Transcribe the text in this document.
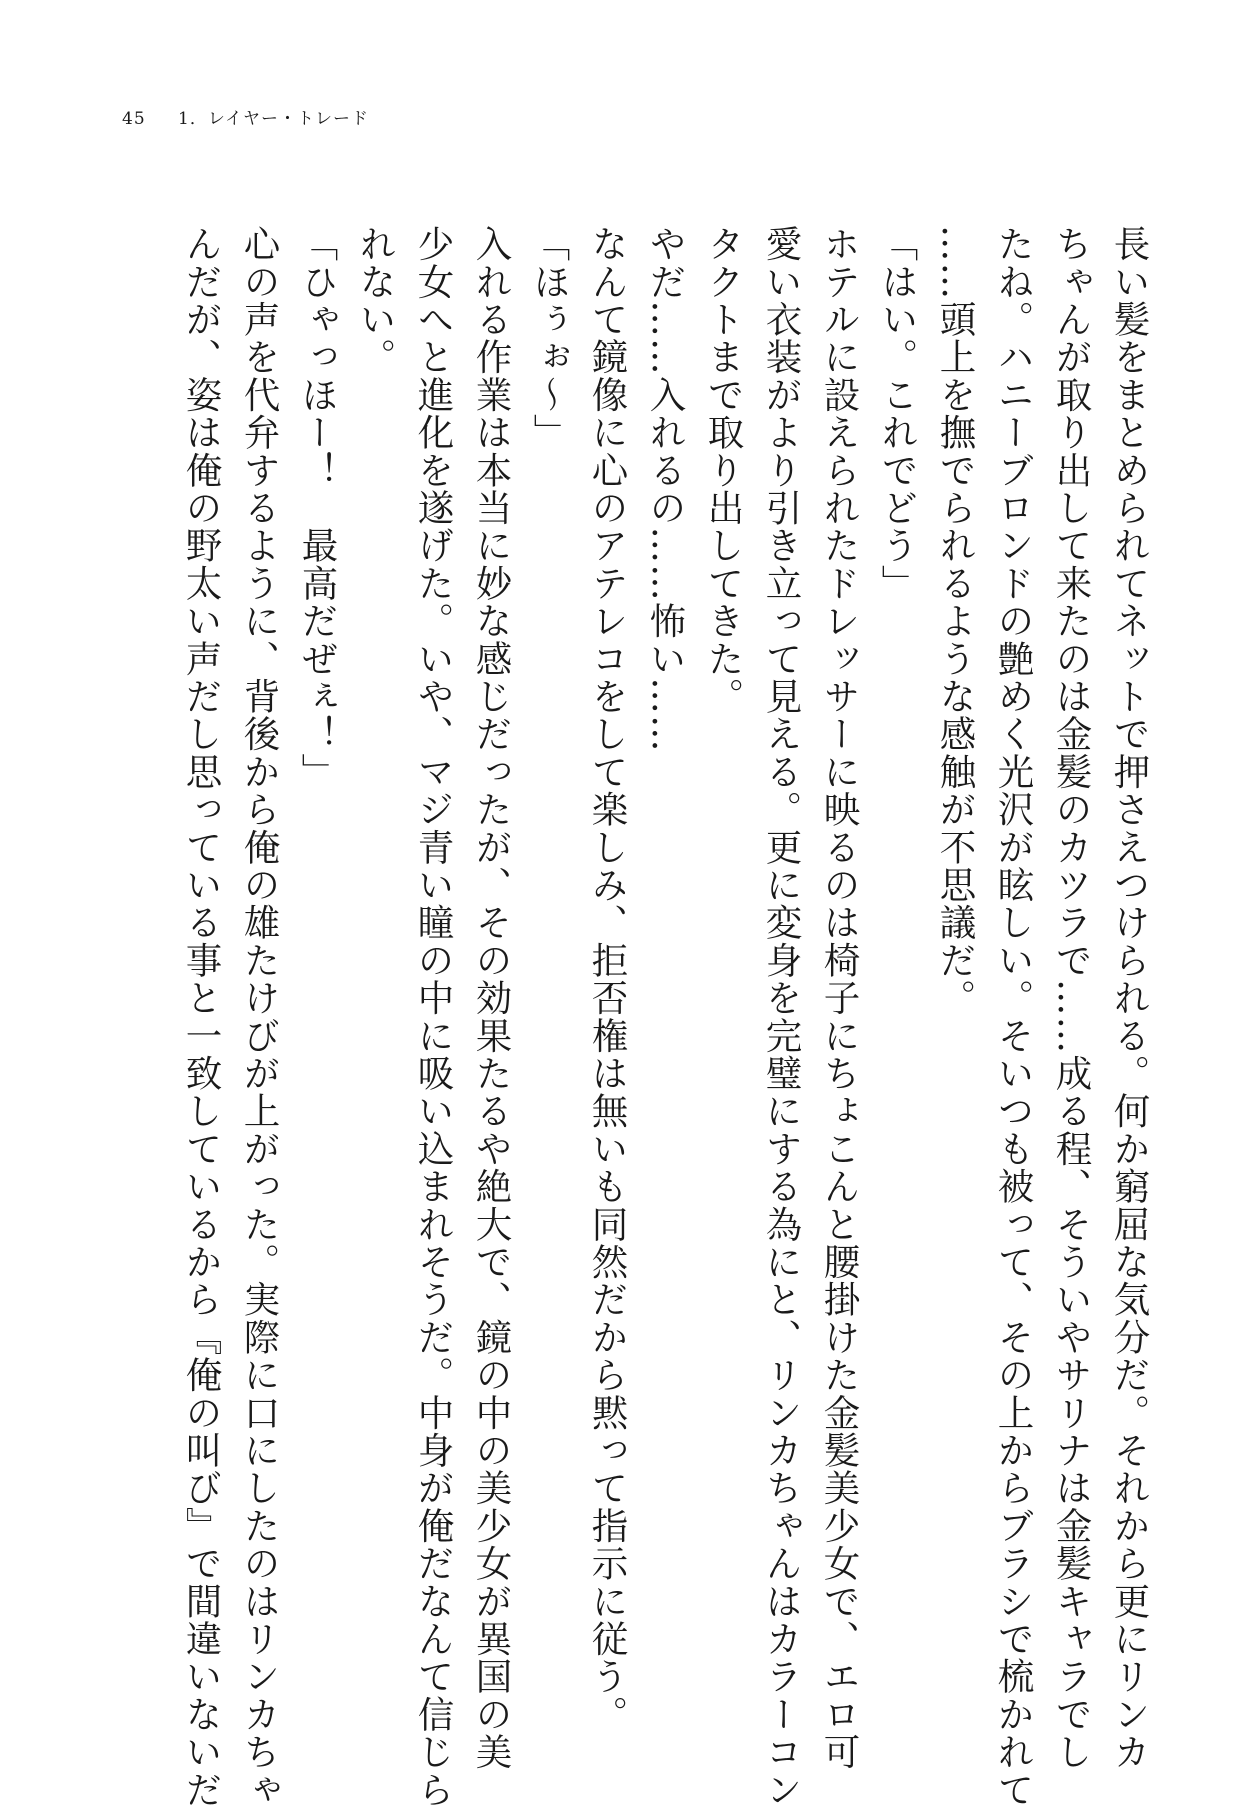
45 1．レイヤー・トレード
長い髪をまとめられてネットで押さえつけられる。何か窮屈な気分だ。それから更にリンカ
ちゃんが取り出して来たのは金髪のカツラで……成る程、そういやサリナは金髪キャラでし
たね。ハニーブロンドの艶めく光沢が眩しい。そいつも被って、その上からブラシで梳かれて
……頭上を撫でられるような感触が不思議だ。
「はい。これでどう」
ホテルに設えられたドレッサーに映るのは椅子にちょこんと腰掛けた金髪美少女で、エロ可
愛い衣装がより引き立って見える。更に変身を完璧にする為にと、リンカちゃんはカラーコン
タクトまで取り出してきた。
やだ……入れるの……怖い……
なんて鏡像に心のアテレコをして楽しみ、拒否権は無いも同然だから黙って指示に従う。
「ほぅぉ〜」
入れる作業は本当に妙な感じだったが、その効果たるや絶大で、鏡の中の美少女が異国の美
少女へと進化を遂げた。いや、マジ青い瞳の中に吸い込まれそうだ。中身が俺だなんて信じら
れない。
「ひゃっほー！　最高だぜぇ！」
心の声を代弁するように、背後から俺の雄たけびが上がった。実際に口にしたのはリンカちゃ
んだが、姿は俺の野太い声だし思っている事と一致しているから『俺の叫び』で間違いないだ
